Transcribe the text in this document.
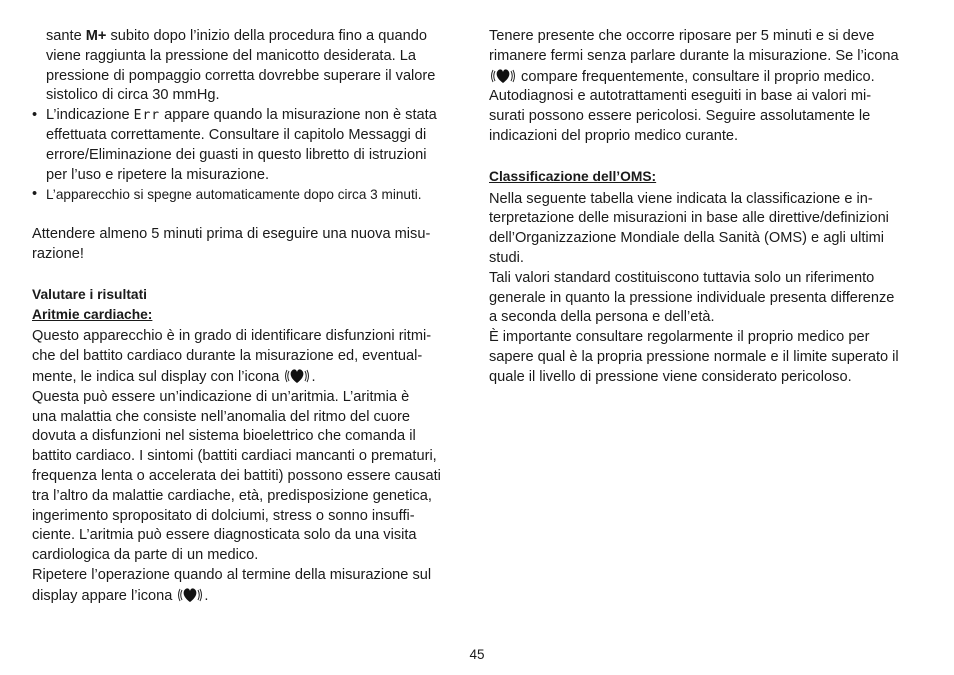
sante M+ subito dopo l’inizio della procedura fino a quando
viene raggiunta la pressione del manicotto desiderata. La
pressione di pompaggio corretta dovrebbe superare il valore
sistolico di circa 30 mmHg.
• L’indicazione Err appare quando la misurazione non è stata
effettuata correttamente. Consultare il capitolo Messaggi di
errore/Eliminazione dei guasti in questo libretto di istruzioni
per l’uso e ripetere la misurazione.
• L’apparecchio si spegne automaticamente dopo circa 3 minuti.

Attendere almeno 5 minuti prima di eseguire una nuova misu-
razione!

Valutare i risultati
Aritmie cardiache:

Questo apparecchio è in grado di identificare disfunzioni ritmi-
che del battito cardiaco durante la misurazione ed, eventual-
mente, le indica sul display con l’icona .
Questa può essere un’indicazione di un’aritmia. L’aritmia è
una malattia che consiste nell’anomalia del ritmo del cuore
dovuta a disfunzioni nel sistema bioelettrico che comanda il
battito cardiaco. I sintomi (battiti cardiaci mancanti o prematuri,
frequenza lenta o accelerata dei battiti) possono essere causati
tra l’altro da malattie cardiache, età, predisposizione genetica,
ingerimento spropositato di dolciumi, stress o sonno insuffi-
ciente. L’aritmia può essere diagnosticata solo da una visita
cardiologica da parte di un medico.
Ripetere l’operazione quando al termine della misurazione sul
display appare l’icona .

Tenere presente che occorre riposare per 5 minuti e si deve
rimanere fermi senza parlare durante la misurazione. Se l’icona
compare frequentemente, consultare il proprio medico.
Autodiagnosi e autotrattamenti eseguiti in base ai valori mi-
surati possono essere pericolosi. Seguire assolutamente le
indicazioni del proprio medico curante.

Classificazione dell’OMS:

Nella seguente tabella viene indicata la classificazione e in-
terpretazione delle misurazioni in base alle direttive/definizioni
dell’Organizzazione Mondiale della Sanità (OMS) e agli ultimi
studi.
Tali valori standard costituiscono tuttavia solo un riferimento
generale in quanto la pressione individuale presenta differenze
a seconda della persona e dell’età.
È importante consultare regolarmente il proprio medico per
sapere qual è la propria pressione normale e il limite superato il
quale il livello di pressione viene considerato pericoloso.

45
